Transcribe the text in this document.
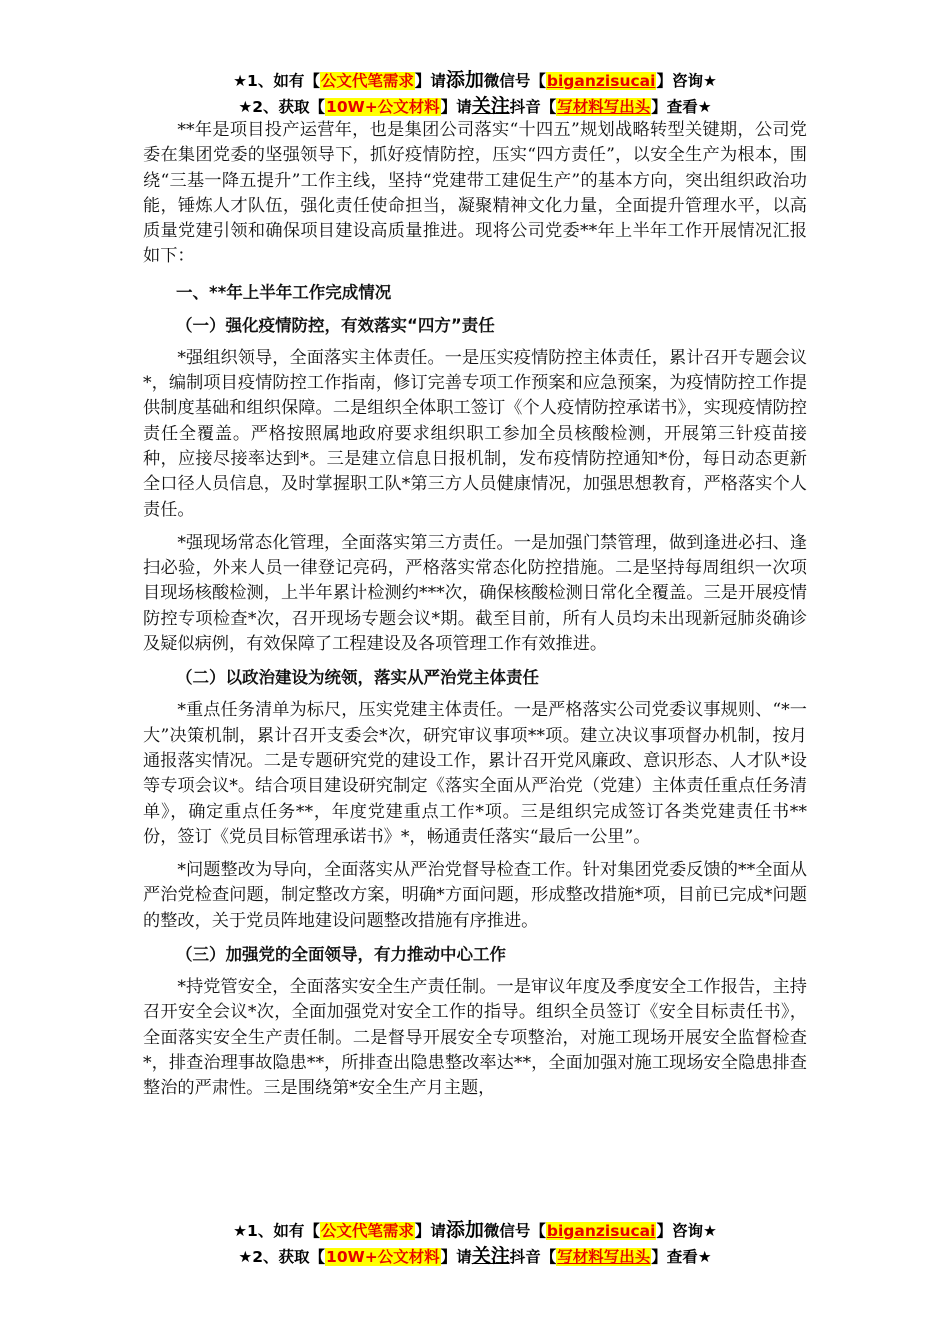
★1、如有【公文代笔需求】请添加微信号【biganzisucai】咨询★
★2、获取【10W+公文材料】请关注抖音【写材料写出头】查看★

**年是项目投产运营年，也是集团公司落实“十四五”规划战略转型关键期，公司党委在集团党委的坚强领导下，抓好疫情防控，压实“四方责任”，以安全生产为根本，围绕“三基一降五提升”工作主线，坚持“党建带工建促生产”的基本方向，突出组织政治功能，锤炼人才队伍，强化责任使命担当，凝聚精神文化力量，全面提升管理水平，以高质量党建引领和确保项目建设高质量推进。现将公司党委**年上半年工作开展情况汇报如下：

一、**年上半年工作完成情况
（一）强化疫情防控，有效落实“四方”责任

*强组织领导，全面落实主体责任。一是压实疫情防控主体责任，累计召开专题会议*，编制项目疫情防控工作指南，修订完善专项工作预案和应急预案，为疫情防控工作提供制度基础和组织保障。二是组织全体职工签订《个人疫情防控承诺书》，实现疫情防控责任全覆盖。严格按照属地政府要求组织职工参加全员核酸检测，开展第三针疫苗接种，应接尽接率达到*。三是建立信息日报机制，发布疫情防控通知*份，每日动态更新全口径人员信息，及时掌握职工队*第三方人员健康情况，加强思想教育，严格落实个人责任。

*强现场常态化管理，全面落实第三方责任。一是加强门禁管理，做到逢进必扫、逢扫必验，外来人员一律登记亮码，严格落实常态化防控措施。二是坚持每周组织一次项目现场核酸检测，上半年累计检测约***次，确保核酸检测日常化全覆盖。三是开展疫情防控专项检查*次，召开现场专题会议*期。截至目前，所有人员均未出现新冠肺炎确诊及疑似病例，有效保障了工程建设及各项管理工作有效推进。

（二）以政治建设为统领，落实从严治党主体责任

*重点任务清单为标尺，压实党建主体责任。一是严格落实公司党委议事规则、“*一大”决策机制，累计召开支委会*次，研究审议事项**项。建立决议事项督办机制，按月通报落实情况。二是专题研究党的建设工作，累计召开党风廉政、意识形态、人才队*设等专项会议*。结合项目建设研究制定《落实全面从严治党（党建）主体责任重点任务清单》，确定重点任务**，年度党建重点工作*项。三是组织完成签订各类党建责任书**份，签订《党员目标管理承诺书》*，畅通责任落实“最后一公里”。

*问题整改为导向，全面落实从严治党督导检查工作。针对集团党委反馈的**全面从严治党检查问题，制定整改方案，明确*方面问题，形成整改措施*项，目前已完成*问题的整改，关于党员阵地建设问题整改措施有序推进。

（三）加强党的全面领导，有力推动中心工作

*持党管安全，全面落实安全生产责任制。一是审议年度及季度安全工作报告，主持召开安全会议*次，全面加强党对安全工作的指导。组织全员签订《安全目标责任书》，全面落实安全生产责任制。二是督导开展安全专项整治，对施工现场开展安全监督检查*，排查治理事故隐患**，所排查出隐患整改率达**，全面加强对施工现场安全隐患排查整治的严肃性。三是围绕第*安全生产月主题，

★1、如有【公文代笔需求】请添加微信号【biganzisucai】咨询★
★2、获取【10W+公文材料】请关注抖音【写材料写出头】查看★
